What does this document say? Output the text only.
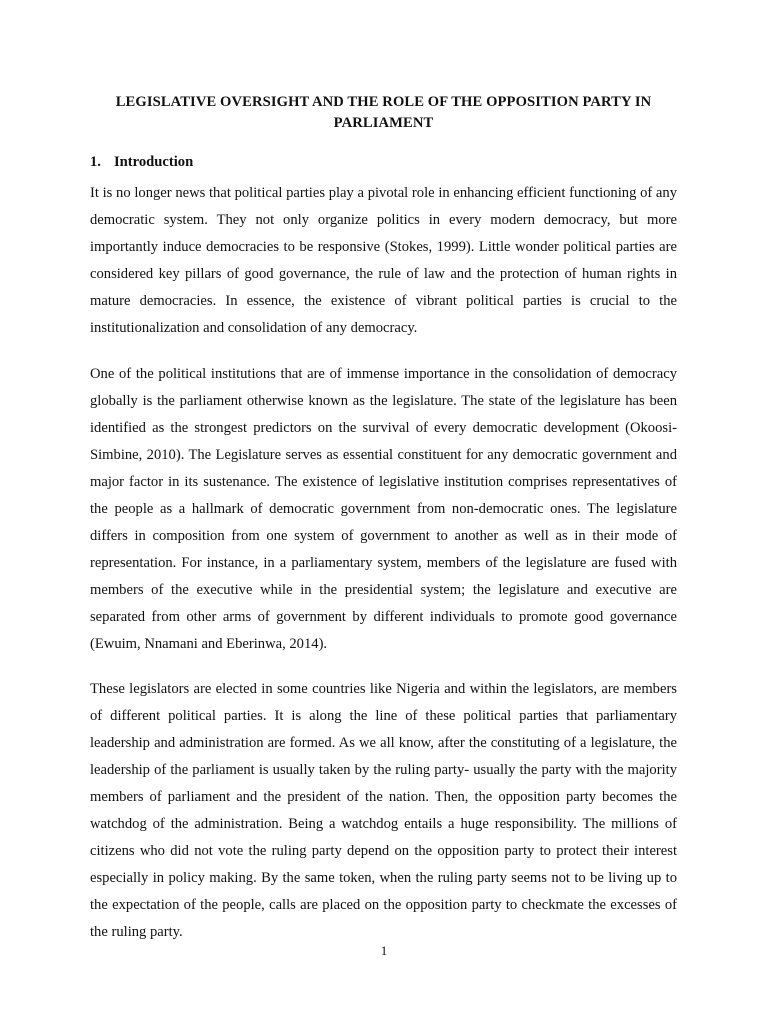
LEGISLATIVE OVERSIGHT AND THE ROLE OF THE OPPOSITION PARTY IN PARLIAMENT
1. Introduction

It is no longer news that political parties play a pivotal role in enhancing efficient functioning of any democratic system. They not only organize politics in every modern democracy, but more importantly induce democracies to be responsive (Stokes, 1999). Little wonder political parties are considered key pillars of good governance, the rule of law and the protection of human rights in mature democracies. In essence, the existence of vibrant political parties is crucial to the institutionalization and consolidation of any democracy.

One of the political institutions that are of immense importance in the consolidation of democracy globally is the parliament otherwise known as the legislature. The state of the legislature has been identified as the strongest predictors on the survival of every democratic development (Okoosi-Simbine, 2010). The Legislature serves as essential constituent for any democratic government and major factor in its sustenance. The existence of legislative institution comprises representatives of the people as a hallmark of democratic government from non-democratic ones. The legislature differs in composition from one system of government to another as well as in their mode of representation. For instance, in a parliamentary system, members of the legislature are fused with members of the executive while in the presidential system; the legislature and executive are separated from other arms of government by different individuals to promote good governance (Ewuim, Nnamani and Eberinwa, 2014).

These legislators are elected in some countries like Nigeria and within the legislators, are members of different political parties. It is along the line of these political parties that parliamentary leadership and administration are formed. As we all know, after the constituting of a legislature, the leadership of the parliament is usually taken by the ruling party- usually the party with the majority members of parliament and the president of the nation. Then, the opposition party becomes the watchdog of the administration. Being a watchdog entails a huge responsibility. The millions of citizens who did not vote the ruling party depend on the opposition party to protect their interest especially in policy making. By the same token, when the ruling party seems not to be living up to the expectation of the people, calls are placed on the opposition party to checkmate the excesses of the ruling party.

1
